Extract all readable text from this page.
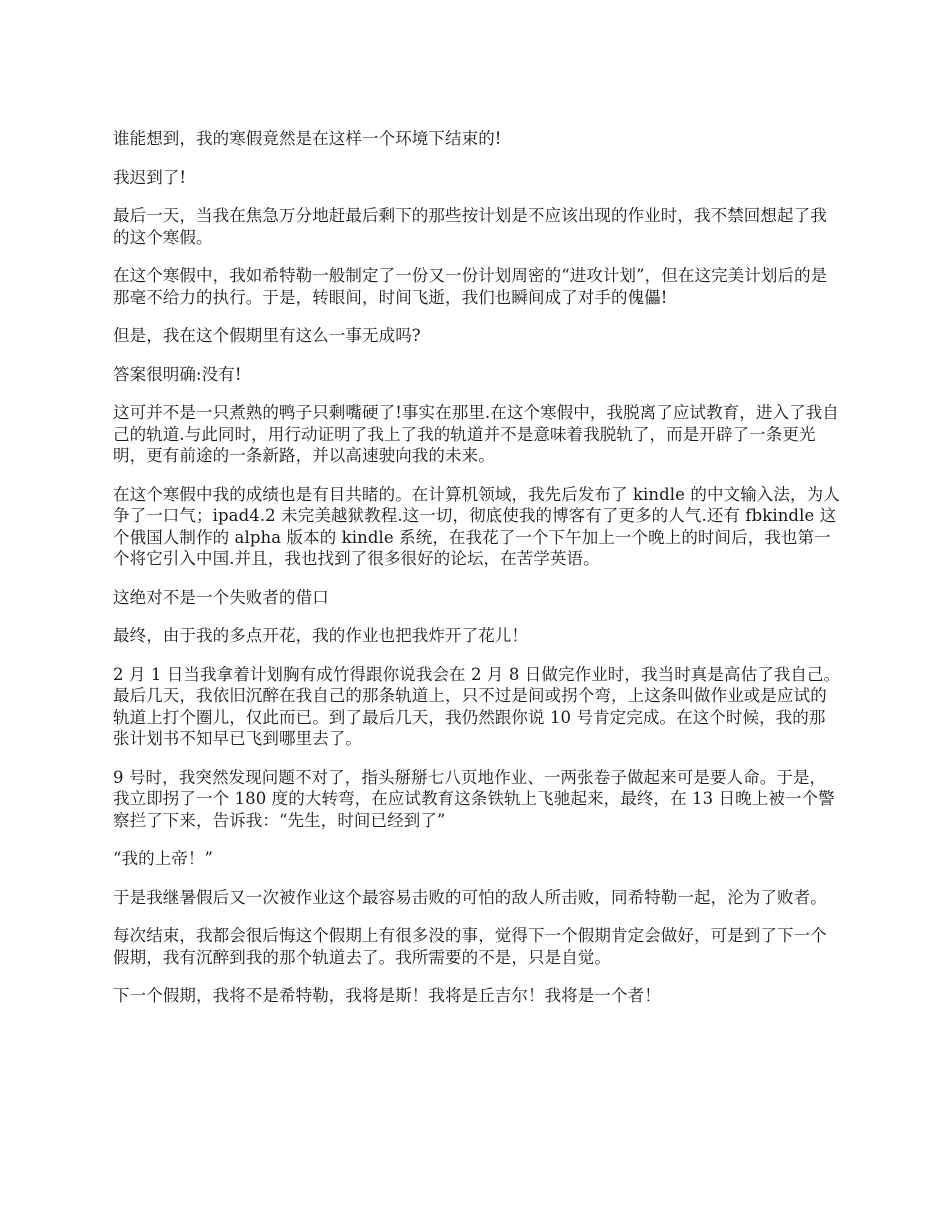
谁能想到，我的寒假竟然是在这样一个环境下结束的!

我迟到了!

最后一天，当我在焦急万分地赶最后剩下的那些按计划是不应该出现的作业时，我不禁回想起了我的这个寒假。

在这个寒假中，我如希特勒一般制定了一份又一份计划周密的“进攻计划”，但在这完美计划后的是那毫不给力的执行。于是，转眼间，时间飞逝，我们也瞬间成了对手的傀儡!

但是，我在这个假期里有这么一事无成吗?

答案很明确:没有!

这可并不是一只煮熟的鸭子只剩嘴硬了!事实在那里.在这个寒假中，我脱离了应试教育，进入了我自己的轨道.与此同时，用行动证明了我上了我的轨道并不是意味着我脱轨了，而是开辟了一条更光明，更有前途的一条新路，并以高速驶向我的未来。

在这个寒假中我的成绩也是有目共睹的。在计算机领域，我先后发布了 kindle 的中文输入法，为人争了一口气；ipad4.2 未完美越狱教程.这一切，彻底使我的博客有了更多的人气.还有 fbkindle 这个俄国人制作的 alpha 版本的 kindle 系统，在我花了一个下午加上一个晚上的时间后，我也第一个将它引入中国.并且，我也找到了很多很好的论坛，在苦学英语。

这绝对不是一个失败者的借口

最终，由于我的多点开花，我的作业也把我炸开了花儿！

2 月 1 日当我拿着计划胸有成竹得跟你说我会在 2 月 8 日做完作业时，我当时真是高估了我自己。最后几天，我依旧沉醉在我自己的那条轨道上，只不过是间或拐个弯，上这条叫做作业或是应试的轨道上打个圈儿，仅此而已。到了最后几天，我仍然跟你说 10 号肯定完成。在这个时候，我的那张计划书不知早已飞到哪里去了。

9 号时，我突然发现问题不对了，指头掰掰七八页地作业、一两张卷子做起来可是要人命。于是，我立即拐了一个 180 度的大转弯，在应试教育这条铁轨上飞驰起来，最终，在 13 日晚上被一个警察拦了下来，告诉我：“先生，时间已经到了”

“我的上帝！”

于是我继暑假后又一次被作业这个最容易击败的可怕的敌人所击败，同希特勒一起，沦为了败者。

每次结束，我都会很后悔这个假期上有很多没的事，觉得下一个假期肯定会做好，可是到了下一个假期，我有沉醉到我的那个轨道去了。我所需要的不是，只是自觉。

下一个假期，我将不是希特勒，我将是斯！我将是丘吉尔！我将是一个者！
